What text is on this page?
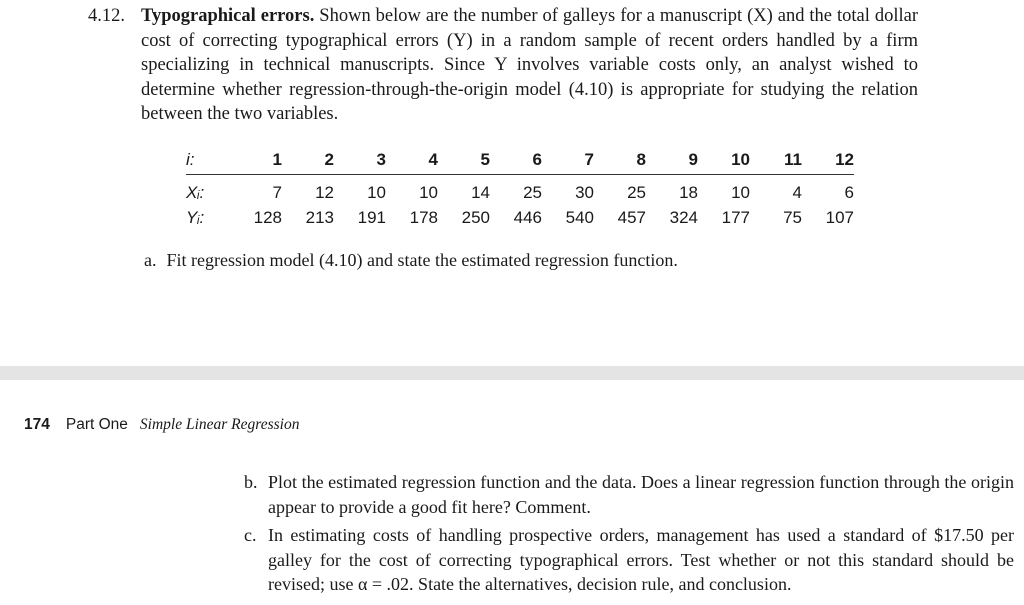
4.12. Typographical errors. Shown below are the number of galleys for a manuscript (X) and the total dollar cost of correcting typographical errors (Y) in a random sample of recent orders handled by a firm specializing in technical manuscripts. Since Y involves variable costs only, an analyst wished to determine whether regression-through-the-origin model (4.10) is appropriate for studying the relation between the two variables.
i:	1	2	3	4	5	6	7	8	9	10	11	12
Xᵢ:	7	12	10	10	14	25	30	25	18	10	4	6
Yᵢ:	128	213	191	178	250	446	540	457	324	177	75	107
a. Fit regression model (4.10) and state the estimated regression function.
174 Part One Simple Linear Regression
b. Plot the estimated regression function and the data. Does a linear regression function through the origin appear to provide a good fit here? Comment.
c. In estimating costs of handling prospective orders, management has used a standard of $17.50 per galley for the cost of correcting typographical errors. Test whether or not this standard should be revised; use α = .02. State the alternatives, decision rule, and conclusion.
